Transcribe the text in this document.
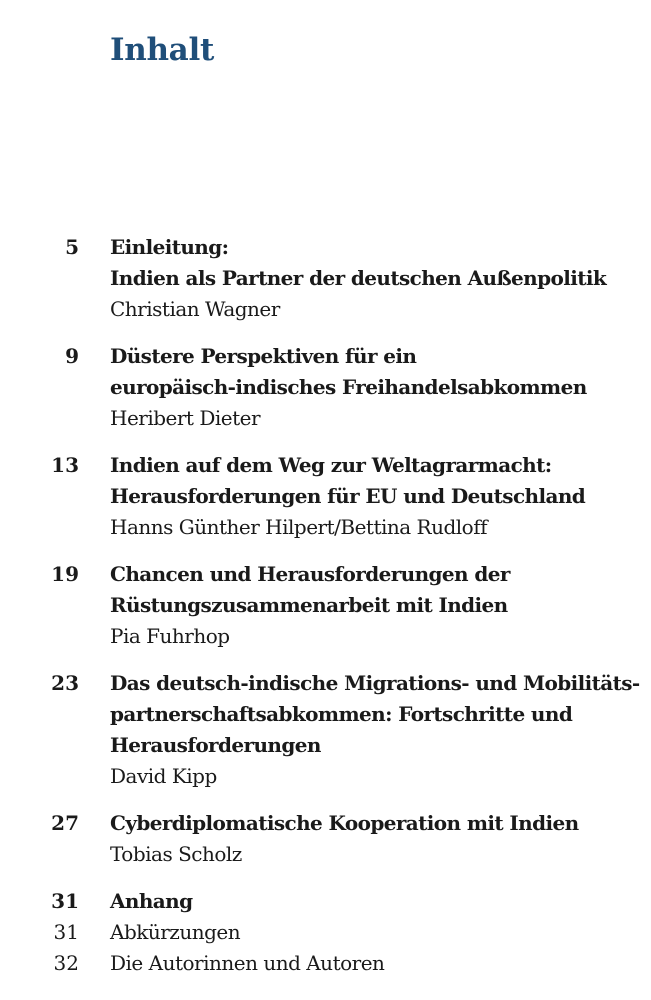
Inhalt
5 Einleitung:
Indien als Partner der deutschen Außenpolitik
Christian Wagner
9 Düstere Perspektiven für ein
europäisch-indisches Freihandelsabkommen
Heribert Dieter
13 Indien auf dem Weg zur Weltagrarmacht:
Herausforderungen für EU und Deutschland
Hanns Günther Hilpert/Bettina Rudloff
19 Chancen und Herausforderungen der
Rüstungszusammenarbeit mit Indien
Pia Fuhrhop
23 Das deutsch-indische Migrations- und Mobilitäts-
partnerschaftsabkommen: Fortschritte und
Herausforderungen
David Kipp
27 Cyberdiplomatische Kooperation mit Indien
Tobias Scholz
31 Anhang
31 Abkürzungen
32 Die Autorinnen und Autoren
